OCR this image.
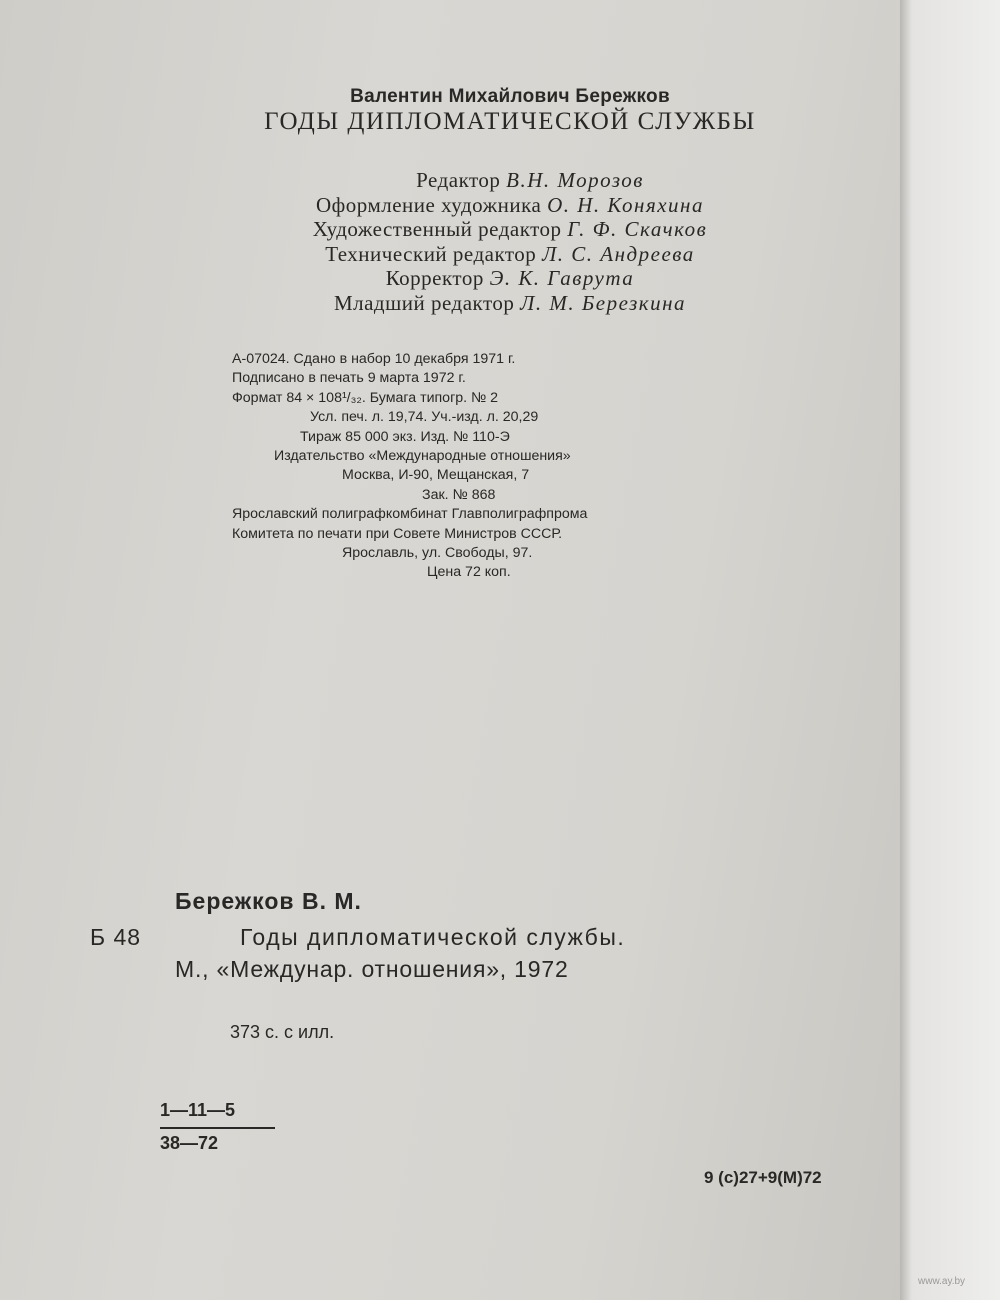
Валентин Михайлович Бережков
ГОДЫ ДИПЛОМАТИЧЕСКОЙ СЛУЖБЫ
Редактор В.Н. Морозов
Оформление художника О. Н. Коняхина
Художественный редактор Г. Ф. Скачков
Технический редактор Л. С. Андреева
Корректор Э. К. Гаврута
Младший редактор Л. М. Березкина
А-07024. Сдано в набор 10 декабря 1971 г.
Подписано в печать 9 марта 1972 г.
Формат 84 × 108¹/₃₂. Бумага типогр. № 2
Усл. печ. л. 19,74. Уч.-изд. л. 20,29
Тираж 85 000 экз. Изд. № 110-Э
Издательство «Международные отношения»
Москва, И-90, Мещанская, 7
Зак. № 868
Ярославский полиграфкомбинат Главполиграфпрома
Комитета по печати при Совете Министров СССР.
Ярославль, ул. Свободы, 97.
Цена 72 коп.
Бережков В. М.
Б 48	Годы дипломатической службы.
М., «Междунар. отношения», 1972
373 с. с илл.
1—11—5
38—72
9 (с)27+9(М)72
www.ay.by
